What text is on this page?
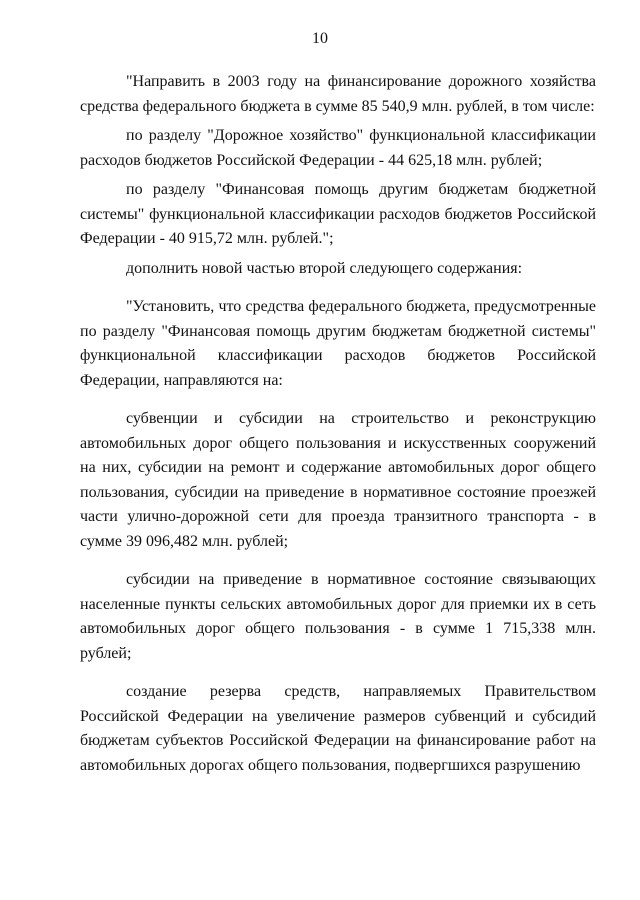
10

"Направить в 2003 году на финансирование дорожного хозяйства средства федерального бюджета в сумме 85 540,9 млн. рублей, в том числе:

по разделу "Дорожное хозяйство" функциональной классификации расходов бюджетов Российской Федерации - 44 625,18 млн. рублей;

по разделу "Финансовая помощь другим бюджетам бюджетной системы" функциональной классификации расходов бюджетов Российской Федерации - 40 915,72 млн. рублей.";

дополнить новой частью второй следующего содержания:

"Установить, что средства федерального бюджета, предусмотренные по разделу "Финансовая помощь другим бюджетам бюджетной системы" функциональной классификации расходов бюджетов Российской Федерации, направляются на:

субвенции и субсидии на строительство и реконструкцию автомобильных дорог общего пользования и искусственных сооружений на них, субсидии на ремонт и содержание автомобильных дорог общего пользования, субсидии на приведение в нормативное состояние проезжей части улично-дорожной сети для проезда транзитного транспорта - в сумме 39 096,482 млн. рублей;

субсидии на приведение в нормативное состояние связывающих населенные пункты сельских автомобильных дорог для приемки их в сеть автомобильных дорог общего пользования - в сумме 1 715,338 млн. рублей;

создание резерва средств, направляемых Правительством Российской Федерации на увеличение размеров субвенций и субсидий бюджетам субъектов Российской Федерации на финансирование работ на автомобильных дорогах общего пользования, подвергшихся разрушению
